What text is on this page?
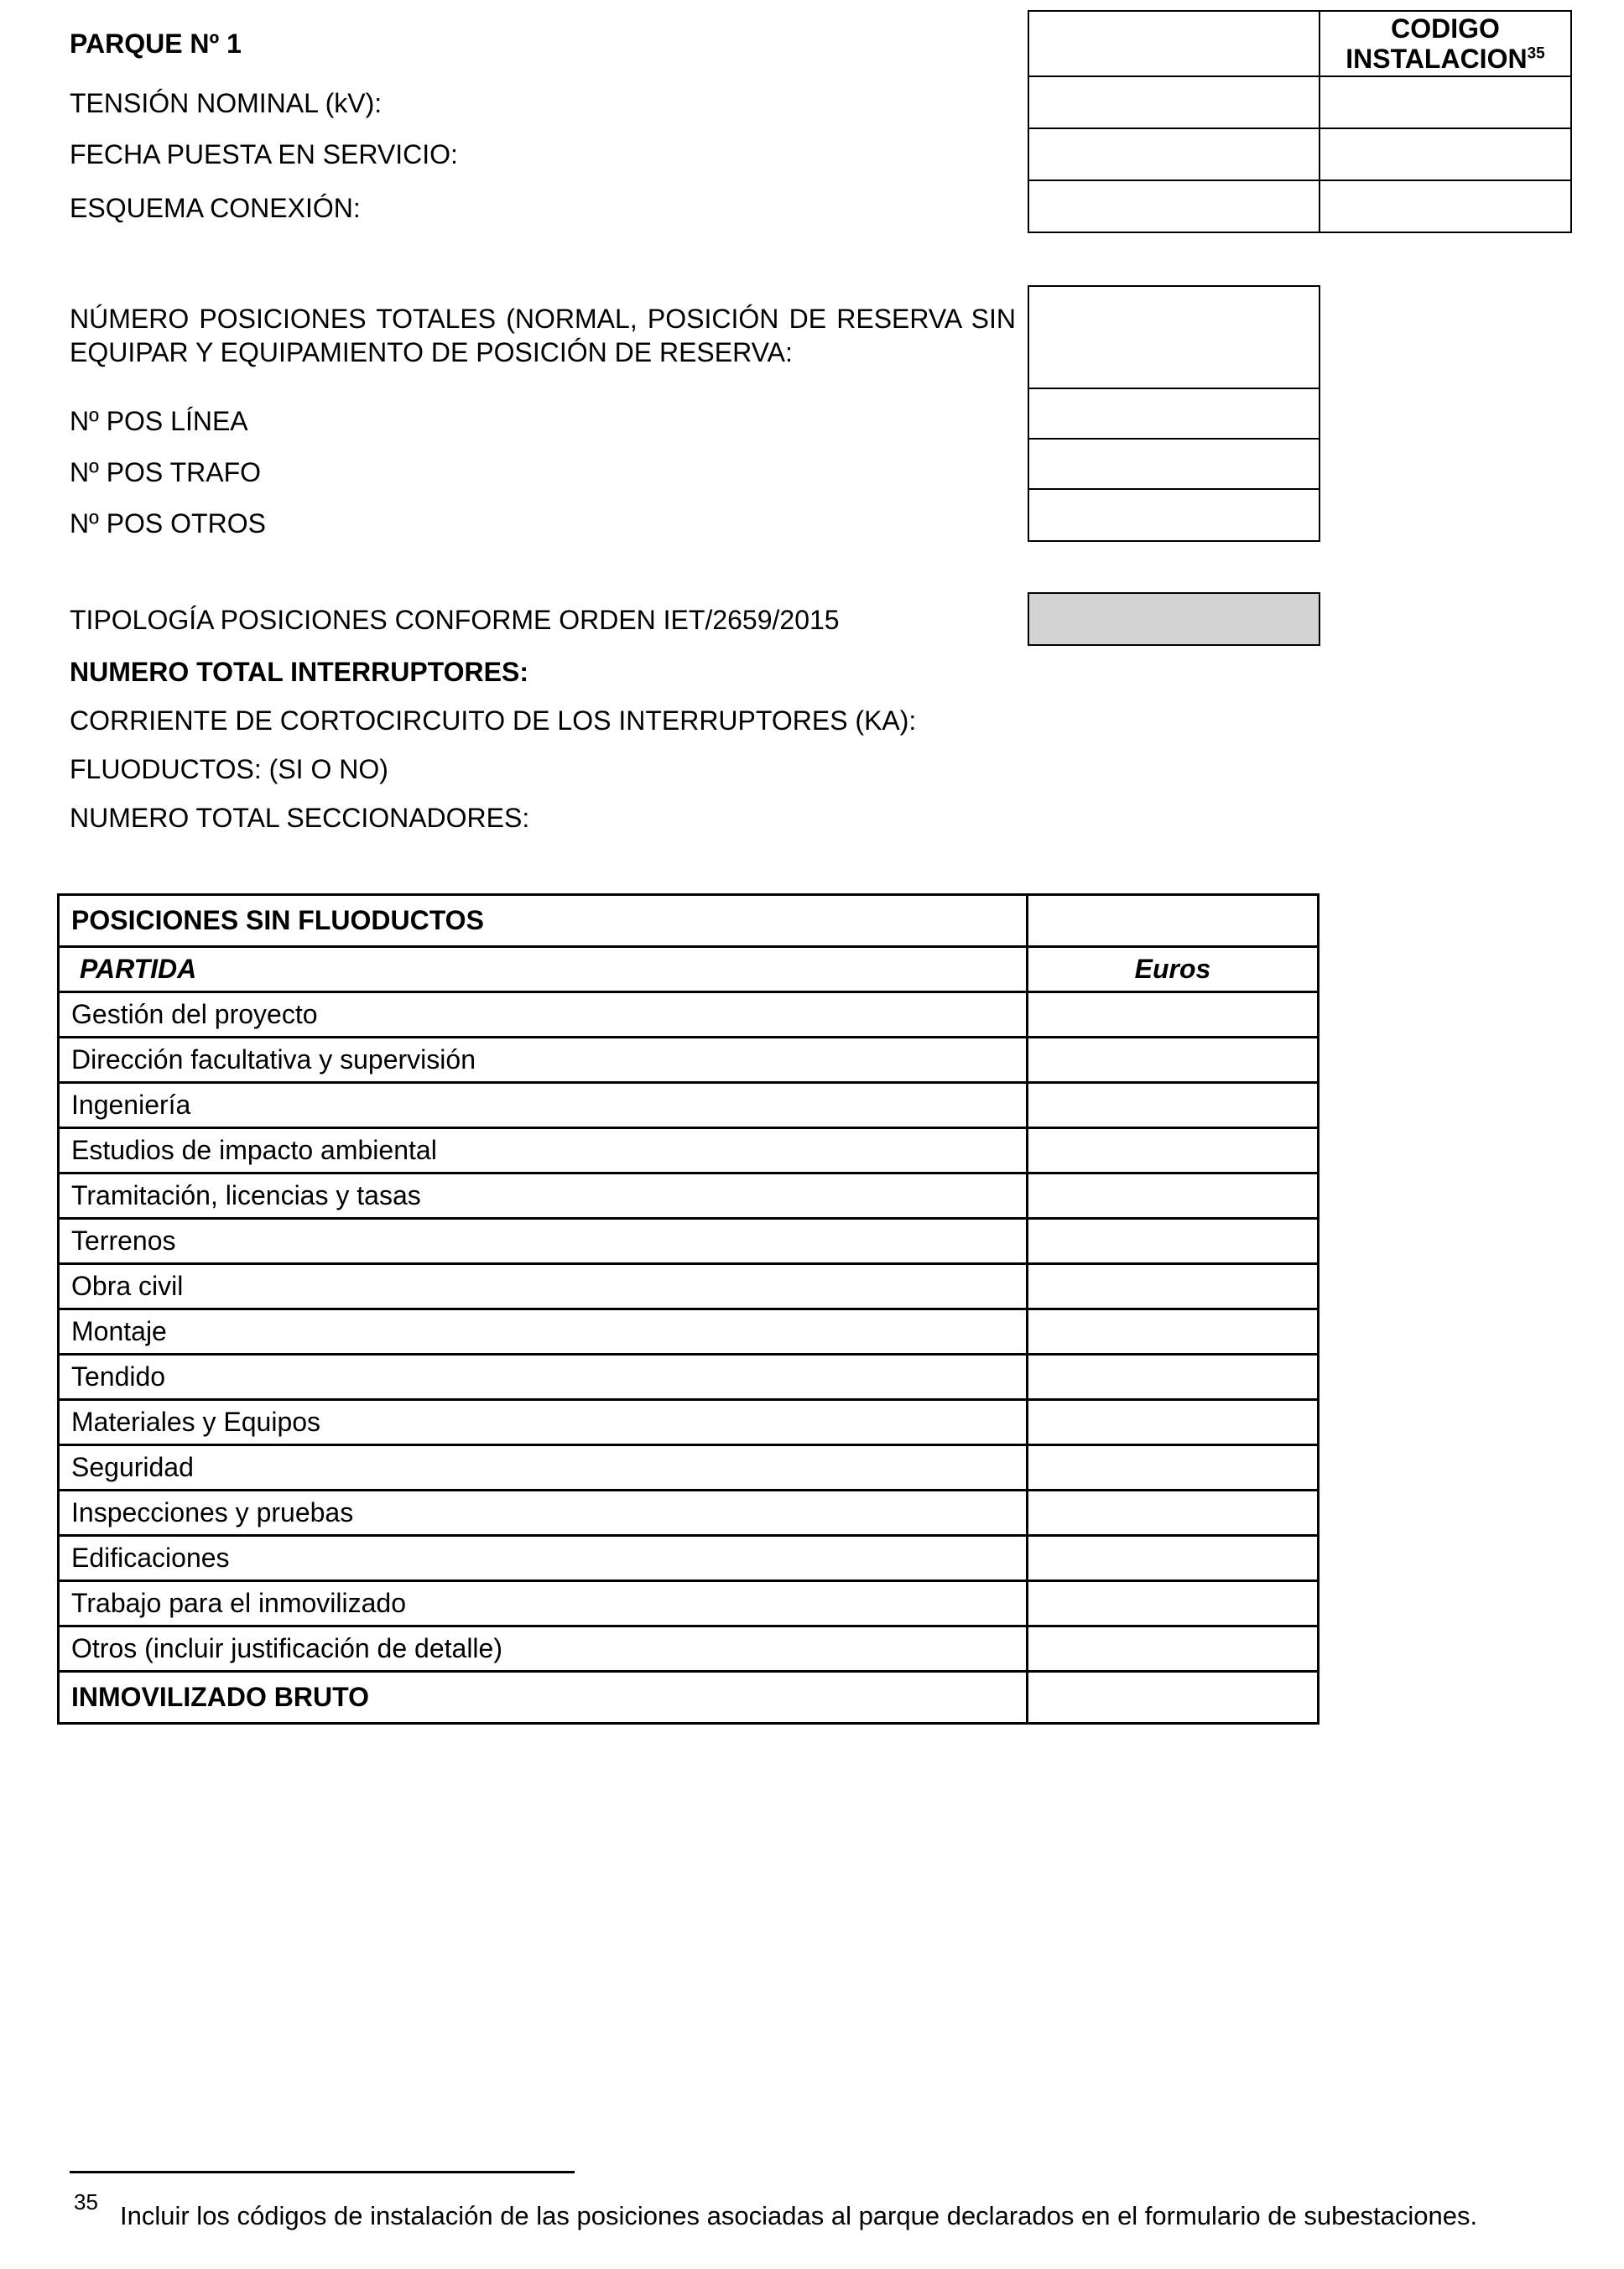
PARQUE Nº 1
TENSIÓN NOMINAL (kV):
FECHA PUESTA EN SERVICIO:
ESQUEMA CONEXIÓN:
CODIGO INSTALACION$^{35}$
NÚMERO POSICIONES TOTALES (NORMAL, POSICIÓN DE RESERVA SIN EQUIPAR Y EQUIPAMIENTO DE POSICIÓN DE RESERVA:
Nº POS LÍNEA
Nº POS TRAFO
Nº POS OTROS
TIPOLOGÍA POSICIONES CONFORME ORDEN IET/2659/2015
NUMERO TOTAL INTERRUPTORES:
CORRIENTE DE CORTOCIRCUITO DE LOS INTERRUPTORES (KA):
FLUODUCTOS: (SI O NO)
NUMERO TOTAL SECCIONADORES:
POSICIONES SIN FLUODUCTOS	
PARTIDA	Euros
Gestión del proyecto	
Dirección facultativa y supervisión	
Ingeniería	
Estudios de impacto ambiental	
Tramitación, licencias y tasas	
Terrenos	
Obra civil	
Montaje	
Tendido	
Materiales y Equipos	
Seguridad	
Inspecciones y pruebas	
Edificaciones	
Trabajo para el inmovilizado	
Otros (incluir justificación de detalle)	
INMOVILIZADO BRUTO	
35 Incluir los códigos de instalación de las posiciones asociadas al parque declarados en el formulario de subestaciones.
